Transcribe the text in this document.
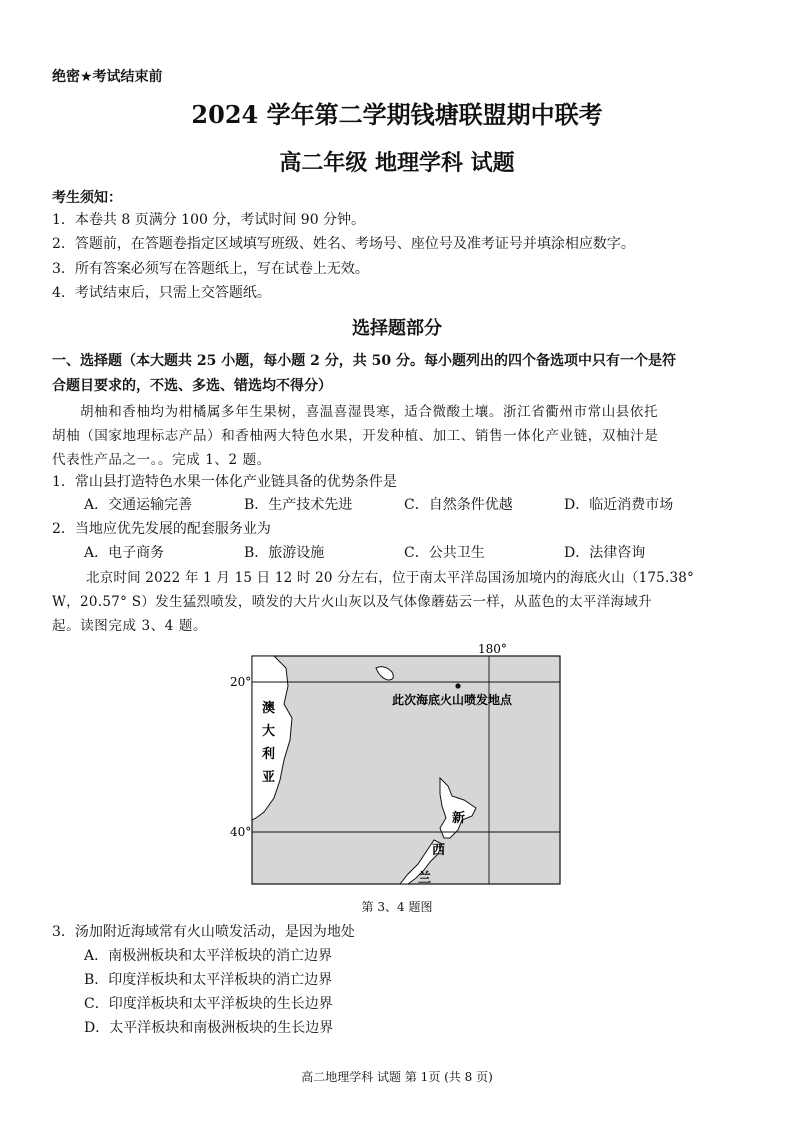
绝密★考试结束前
2024 学年第二学期钱塘联盟期中联考
高二年级 地理学科 试题
考生须知：
1．本卷共 8 页满分 100 分，考试时间 90 分钟。
2．答题前，在答题卷指定区域填写班级、姓名、考场号、座位号及准考证号并填涂相应数字。
3．所有答案必须写在答题纸上，写在试卷上无效。
4．考试结束后，只需上交答题纸。
选择题部分
一、选择题（本大题共 25 小题，每小题 2 分，共 50 分。每小题列出的四个备选项中只有一个是符
合题目要求的，不选、多选、错选均不得分）
胡柚和香柚均为柑橘属多年生果树，喜温喜湿畏寒，适合微酸土壤。浙江省衢州市常山县依托
胡柚（国家地理标志产品）和香柚两大特色水果，开发种植、加工、销售一体化产业链，双柚汁是
代表性产品之一。。完成 1、2 题。
1．常山县打造特色水果一体化产业链具备的优势条件是
A．交通运输完善	B．生产技术先进	C．自然条件优越	D．临近消费市场
2．当地应优先发展的配套服务业为
A．电子商务	B．旅游设施	C．公共卫生	D．法律咨询
北京时间 2022 年 1 月 15 日 12 时 20 分左右，位于南太平洋岛国汤加境内的海底火山（175.38°
W，20.57° S）发生猛烈喷发，喷发的大片火山灰以及气体像蘑菇云一样，从蓝色的太平洋海域升
起。读图完成 3、4 题。
20°
40°
180°
此次海底火山喷发地点
澳
大
利
亚
新
西
兰
第 3、4 题图
3．汤加附近海域常有火山喷发活动，是因为地处
A．南极洲板块和太平洋板块的消亡边界
B．印度洋板块和太平洋板块的消亡边界
C．印度洋板块和太平洋板块的生长边界
D．太平洋板块和南极洲板块的生长边界
高二地理学科 试题 第 1页 (共 8 页)
